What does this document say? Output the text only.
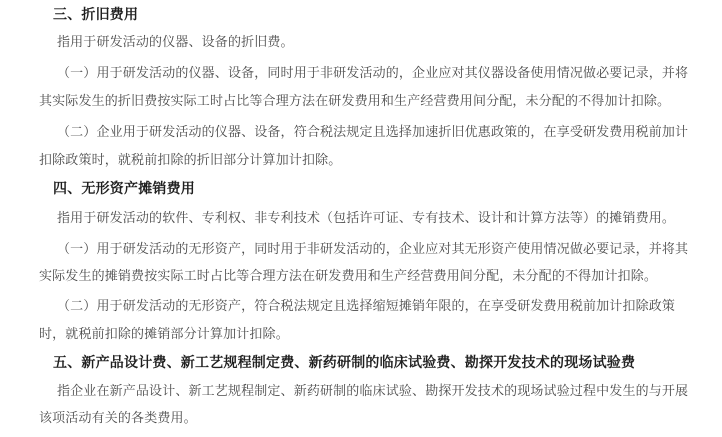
三、折旧费用
指用于研发活动的仪器、设备的折旧费。
（一）用于研发活动的仪器、设备，同时用于非研发活动的，企业应对其仪器设备使用情况做必要记录，并将
其实际发生的折旧费按实际工时占比等合理方法在研发费用和生产经营费用间分配，未分配的不得加计扣除。
（二）企业用于研发活动的仪器、设备，符合税法规定且选择加速折旧优惠政策的，在享受研发费用税前加计
扣除政策时，就税前扣除的折旧部分计算加计扣除。
四、无形资产摊销费用
指用于研发活动的软件、专利权、非专利技术（包括许可证、专有技术、设计和计算方法等）的摊销费用。
（一）用于研发活动的无形资产，同时用于非研发活动的，企业应对其无形资产使用情况做必要记录，并将其
实际发生的摊销费按实际工时占比等合理方法在研发费用和生产经营费用间分配，未分配的不得加计扣除。
（二）用于研发活动的无形资产，符合税法规定且选择缩短摊销年限的，在享受研发费用税前加计扣除政策
时，就税前扣除的摊销部分计算加计扣除。
五、新产品设计费、新工艺规程制定费、新药研制的临床试验费、勘探开发技术的现场试验费
指企业在新产品设计、新工艺规程制定、新药研制的临床试验、勘探开发技术的现场试验过程中发生的与开展
该项活动有关的各类费用。
